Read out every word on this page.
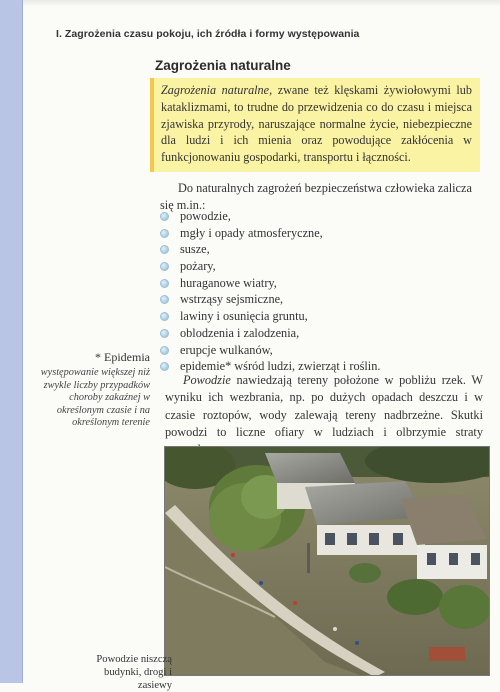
I. Zagrożenia czasu pokoju, ich źródła i formy występowania
Zagrożenia naturalne
Zagrożenia naturalne, zwane też klęskami żywiołowymi lub kataklizmami, to trudne do przewidzenia co do czasu i miejsca zjawiska przyrody, naruszające normalne życie, niebezpieczne dla ludzi i ich mienia oraz powodujące zakłócenia w funkcjonowaniu gospodarki, transportu i łączności.
Do naturalnych zagrożeń bezpieczeństwa człowieka zalicza się m.in.:
powodzie,
mgły i opady atmosferyczne,
susze,
pożary,
huraganowe wiatry,
wstrząsy sejsmiczne,
lawiny i osunięcia gruntu,
oblodzenia i zalodzenia,
erupcje wulkanów,
epidemie* wśród ludzi, zwierząt i roślin.
* Epidemia
występowanie większej niż zwykle liczby przypadków choroby zakaźnej w określonym czasie i na określonym terenie
Powodzie nawiedzają tereny położone w pobliżu rzek. W wyniku ich wezbrania, np. po dużych opadach deszczu i w czasie roztopów, wody zalewają tereny nadbrzeżne. Skutki powodzi to liczne ofiary w ludziach i olbrzymie straty
Powodzie niszczą budynki, drogi i zasiewy
